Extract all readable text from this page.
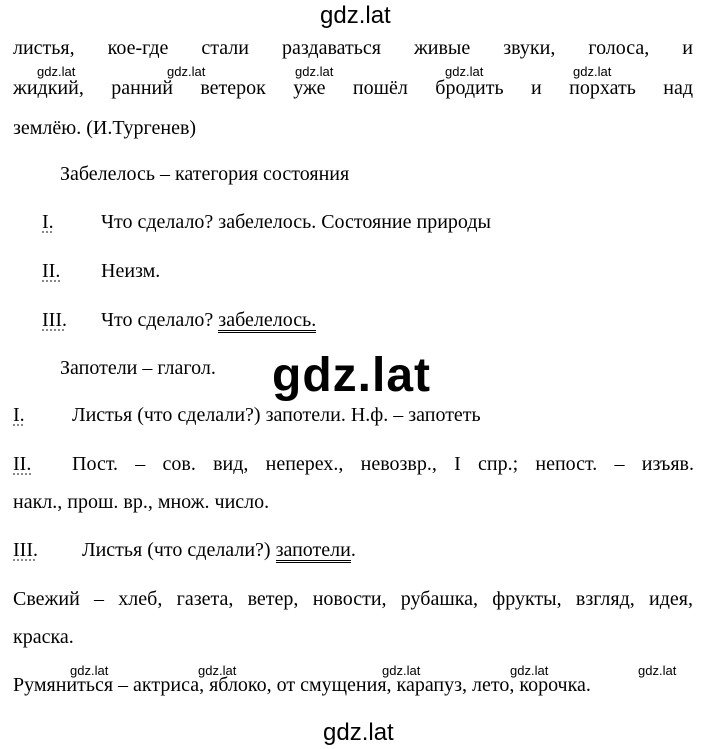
gdz.lat
листья, кое-где стали раздаваться живые звуки, голоса, и
жидкий, ранний ветерок уже пошёл бродить и порхать над
землёю. (И.Тургенев)
gdz.lat	gdz.lat	gdz.lat	gdz.lat	gdz.lat
Забелелось – категория состояния
I. Что сделало? забелелось. Состояние природы
II. Неизм.
III. Что сделало? забелелось.
Запотели – глагол. gdz.lat
I. Листья (что сделали?) запотели. Н.ф. – запотеть
II. Пост. – сов. вид, неперех., невозвр., I спр.; непост. – изъяв.
накл., прош. вр., множ. число.
III. Листья (что сделали?) запотели.
Свежий – хлеб, газета, ветер, новости, рубашка, фрукты, взгляд, идея,
краска.
gdz.lat	gdz.lat	gdz.lat	gdz.lat	gdz.lat
Румяниться – актриса, яблоко, от смущения, карапуз, лето, корочка.
gdz.lat
